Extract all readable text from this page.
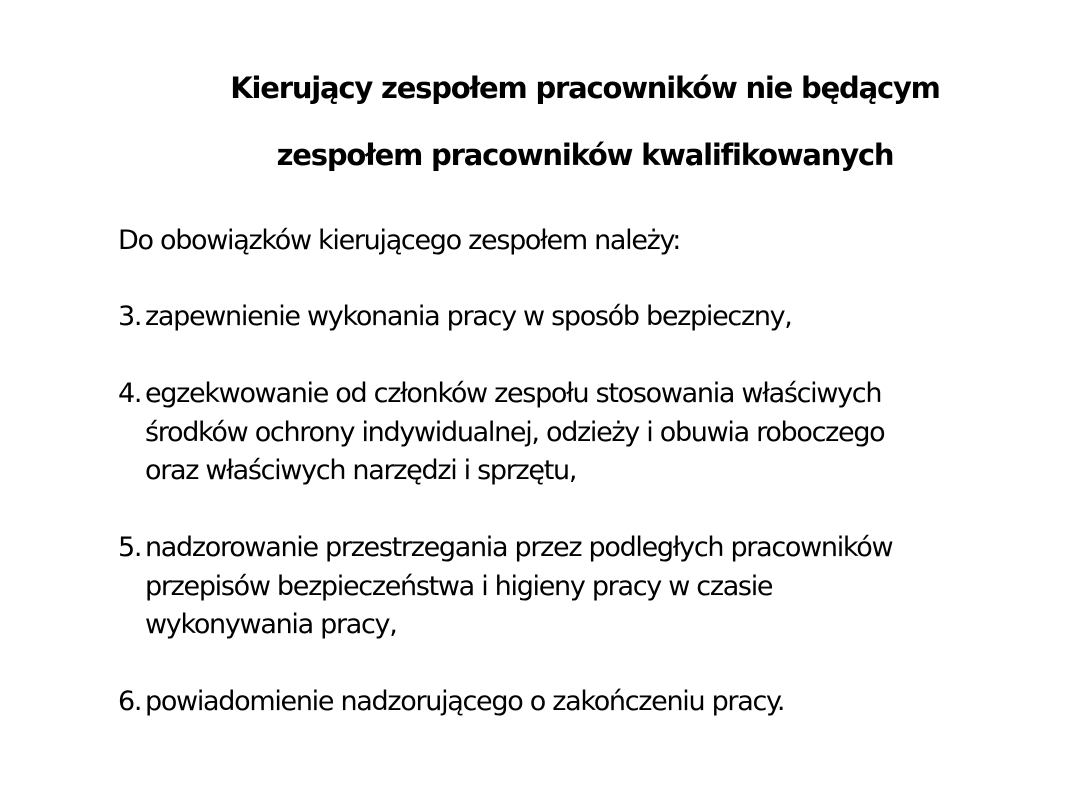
Kierujący zespołem pracowników nie będącym
zespołem pracowników kwalifikowanych
Do obowiązków kierującego zespołem należy:
3. zapewnienie wykonania pracy w sposób bezpieczny,
4. egzekwowanie od członków zespołu stosowania właściwych
środków ochrony indywidualnej, odzieży i obuwia roboczego
oraz właściwych narzędzi i sprzętu,
5. nadzorowanie przestrzegania przez podległych pracowników
przepisów bezpieczeństwa i higieny pracy w czasie
wykonywania pracy,
6. powiadomienie nadzorującego o zakończeniu pracy.
